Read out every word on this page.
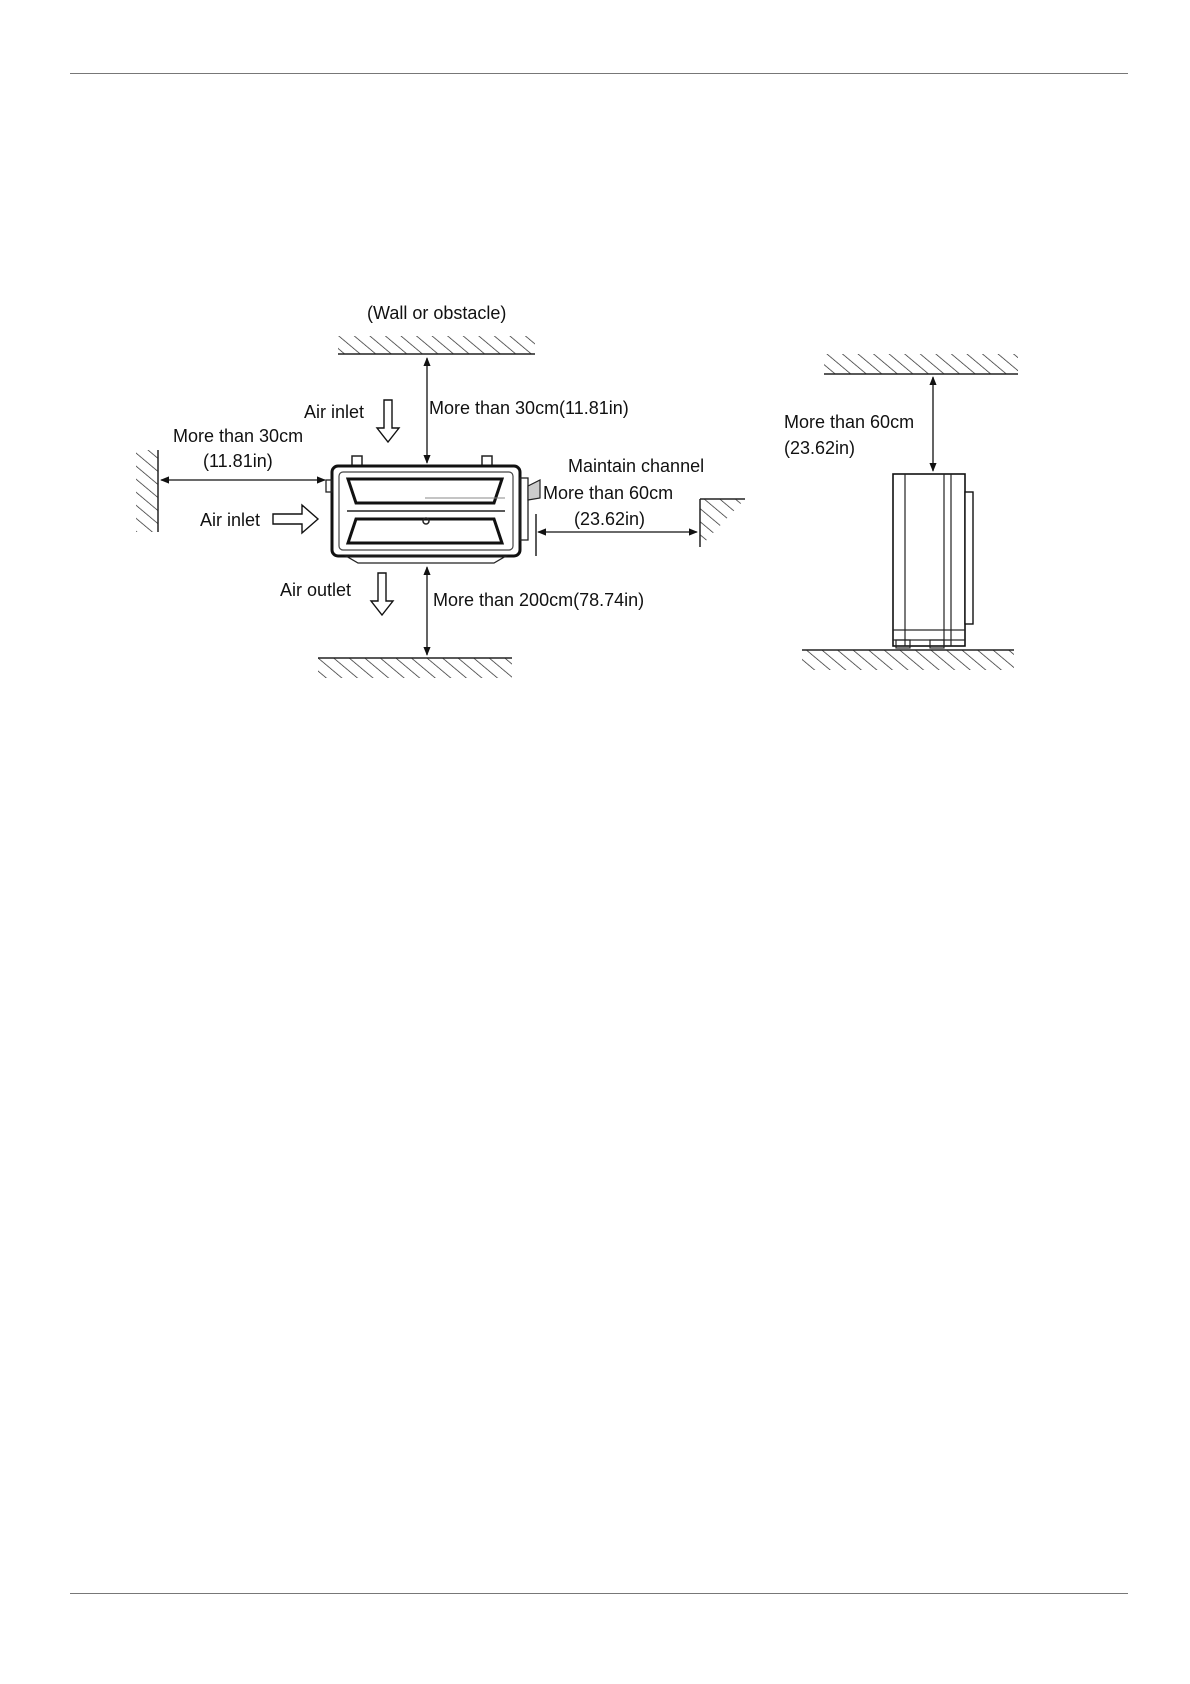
(Wall or obstacle)
Air inlet
Air inlet
Air outlet
More than 30cm(11.81in)
More than 30cm
(11.81in)	Maintain channel
More than 60cm
(23.62in)
More than 200cm(78.74in)
More than 60cm
(23.62in)
